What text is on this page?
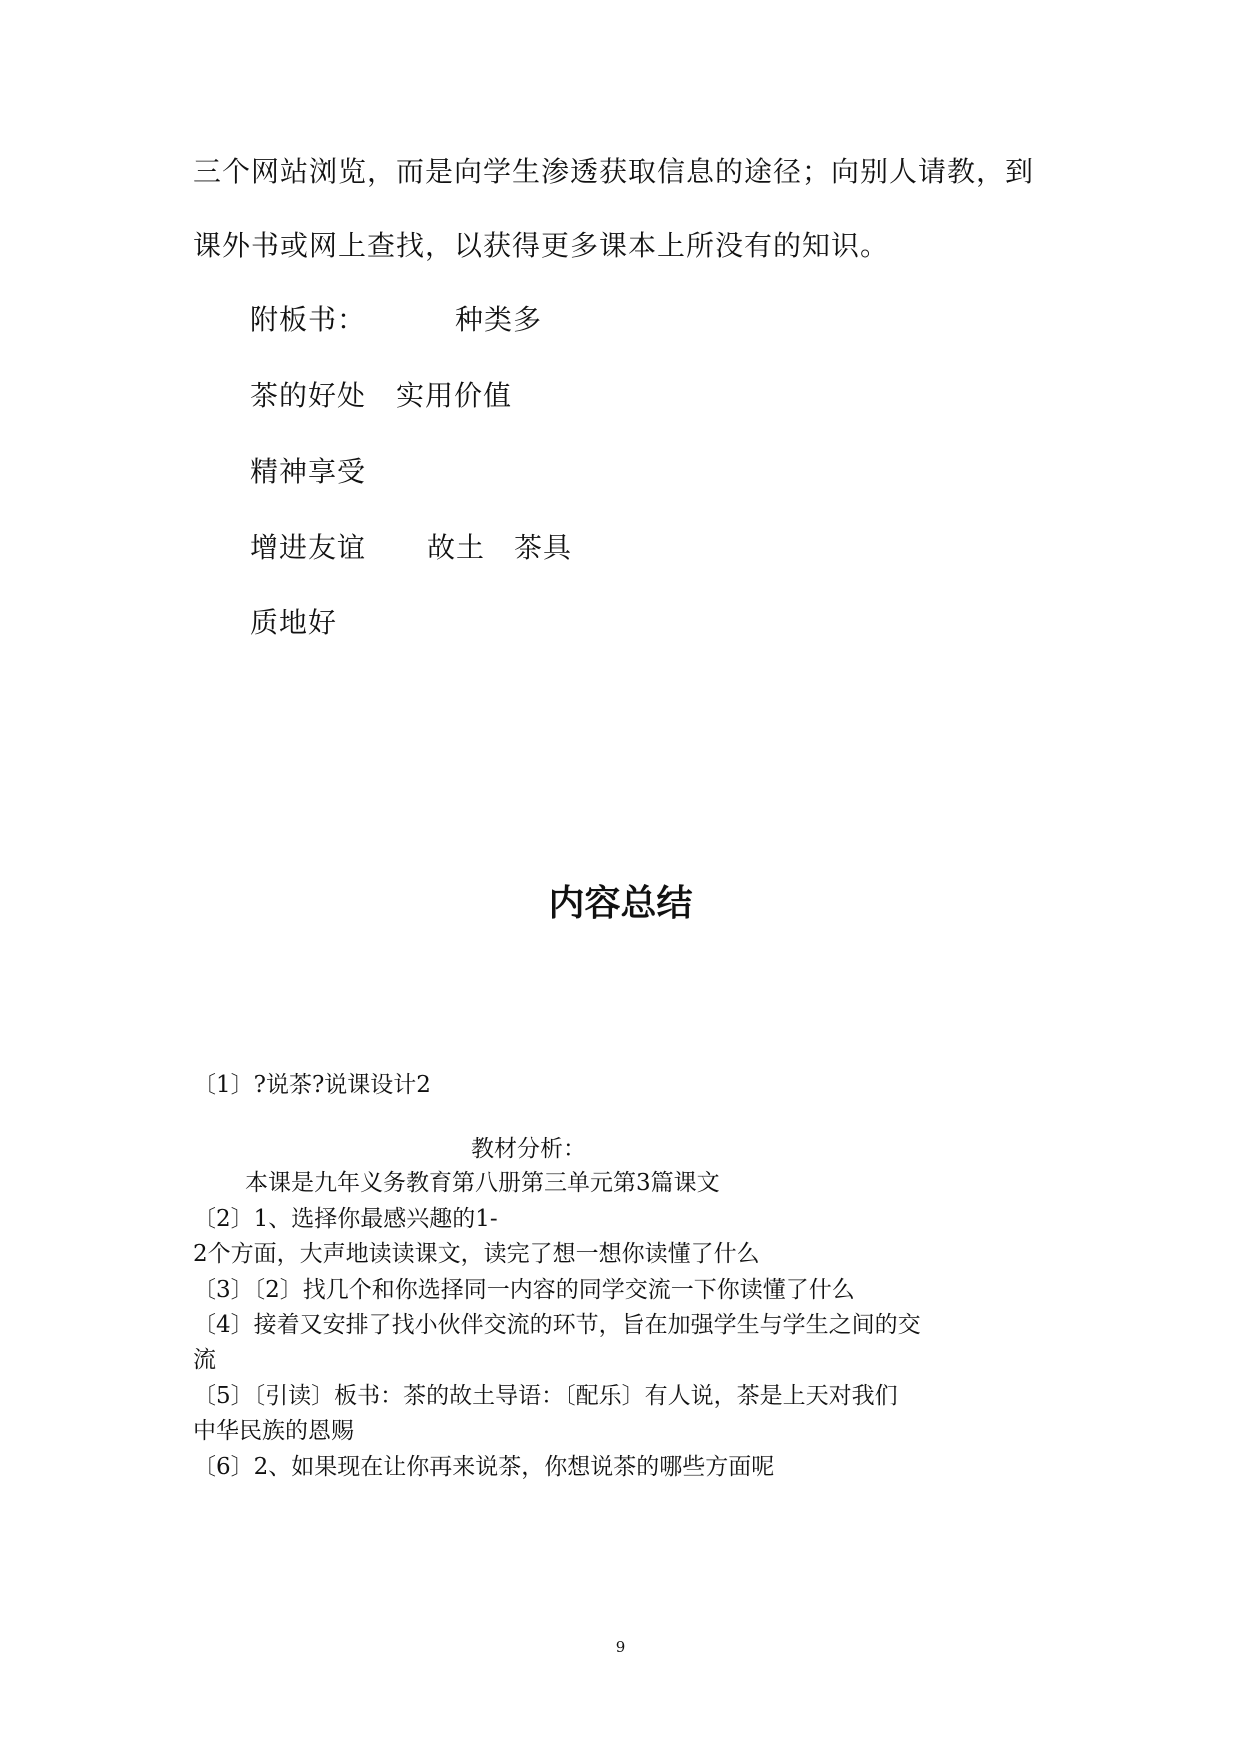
三个网站浏览，而是向学生渗透获取信息的途径；向别人请教，到
课外书或网上查找，以获得更多课本上所没有的知识。
附板书：	种类多
茶的好处 实用价值
精神享受
增进友谊 故土 茶具
质地好
内容总结
〔1〕?说茶?说课设计2
教材分析：
本课是九年义务教育第八册第三单元第3篇课文
〔2〕1、选择你最感兴趣的1-
2个方面，大声地读读课文，读完了想一想你读懂了什么
〔3〕〔2〕找几个和你选择同一内容的同学交流一下你读懂了什么
〔4〕接着又安排了找小伙伴交流的环节，旨在加强学生与学生之间的交
流
〔5〕〔引读〕板书：茶的故土导语：〔配乐〕有人说，茶是上天对我们
中华民族的恩赐
〔6〕2、如果现在让你再来说茶，你想说茶的哪些方面呢
9
